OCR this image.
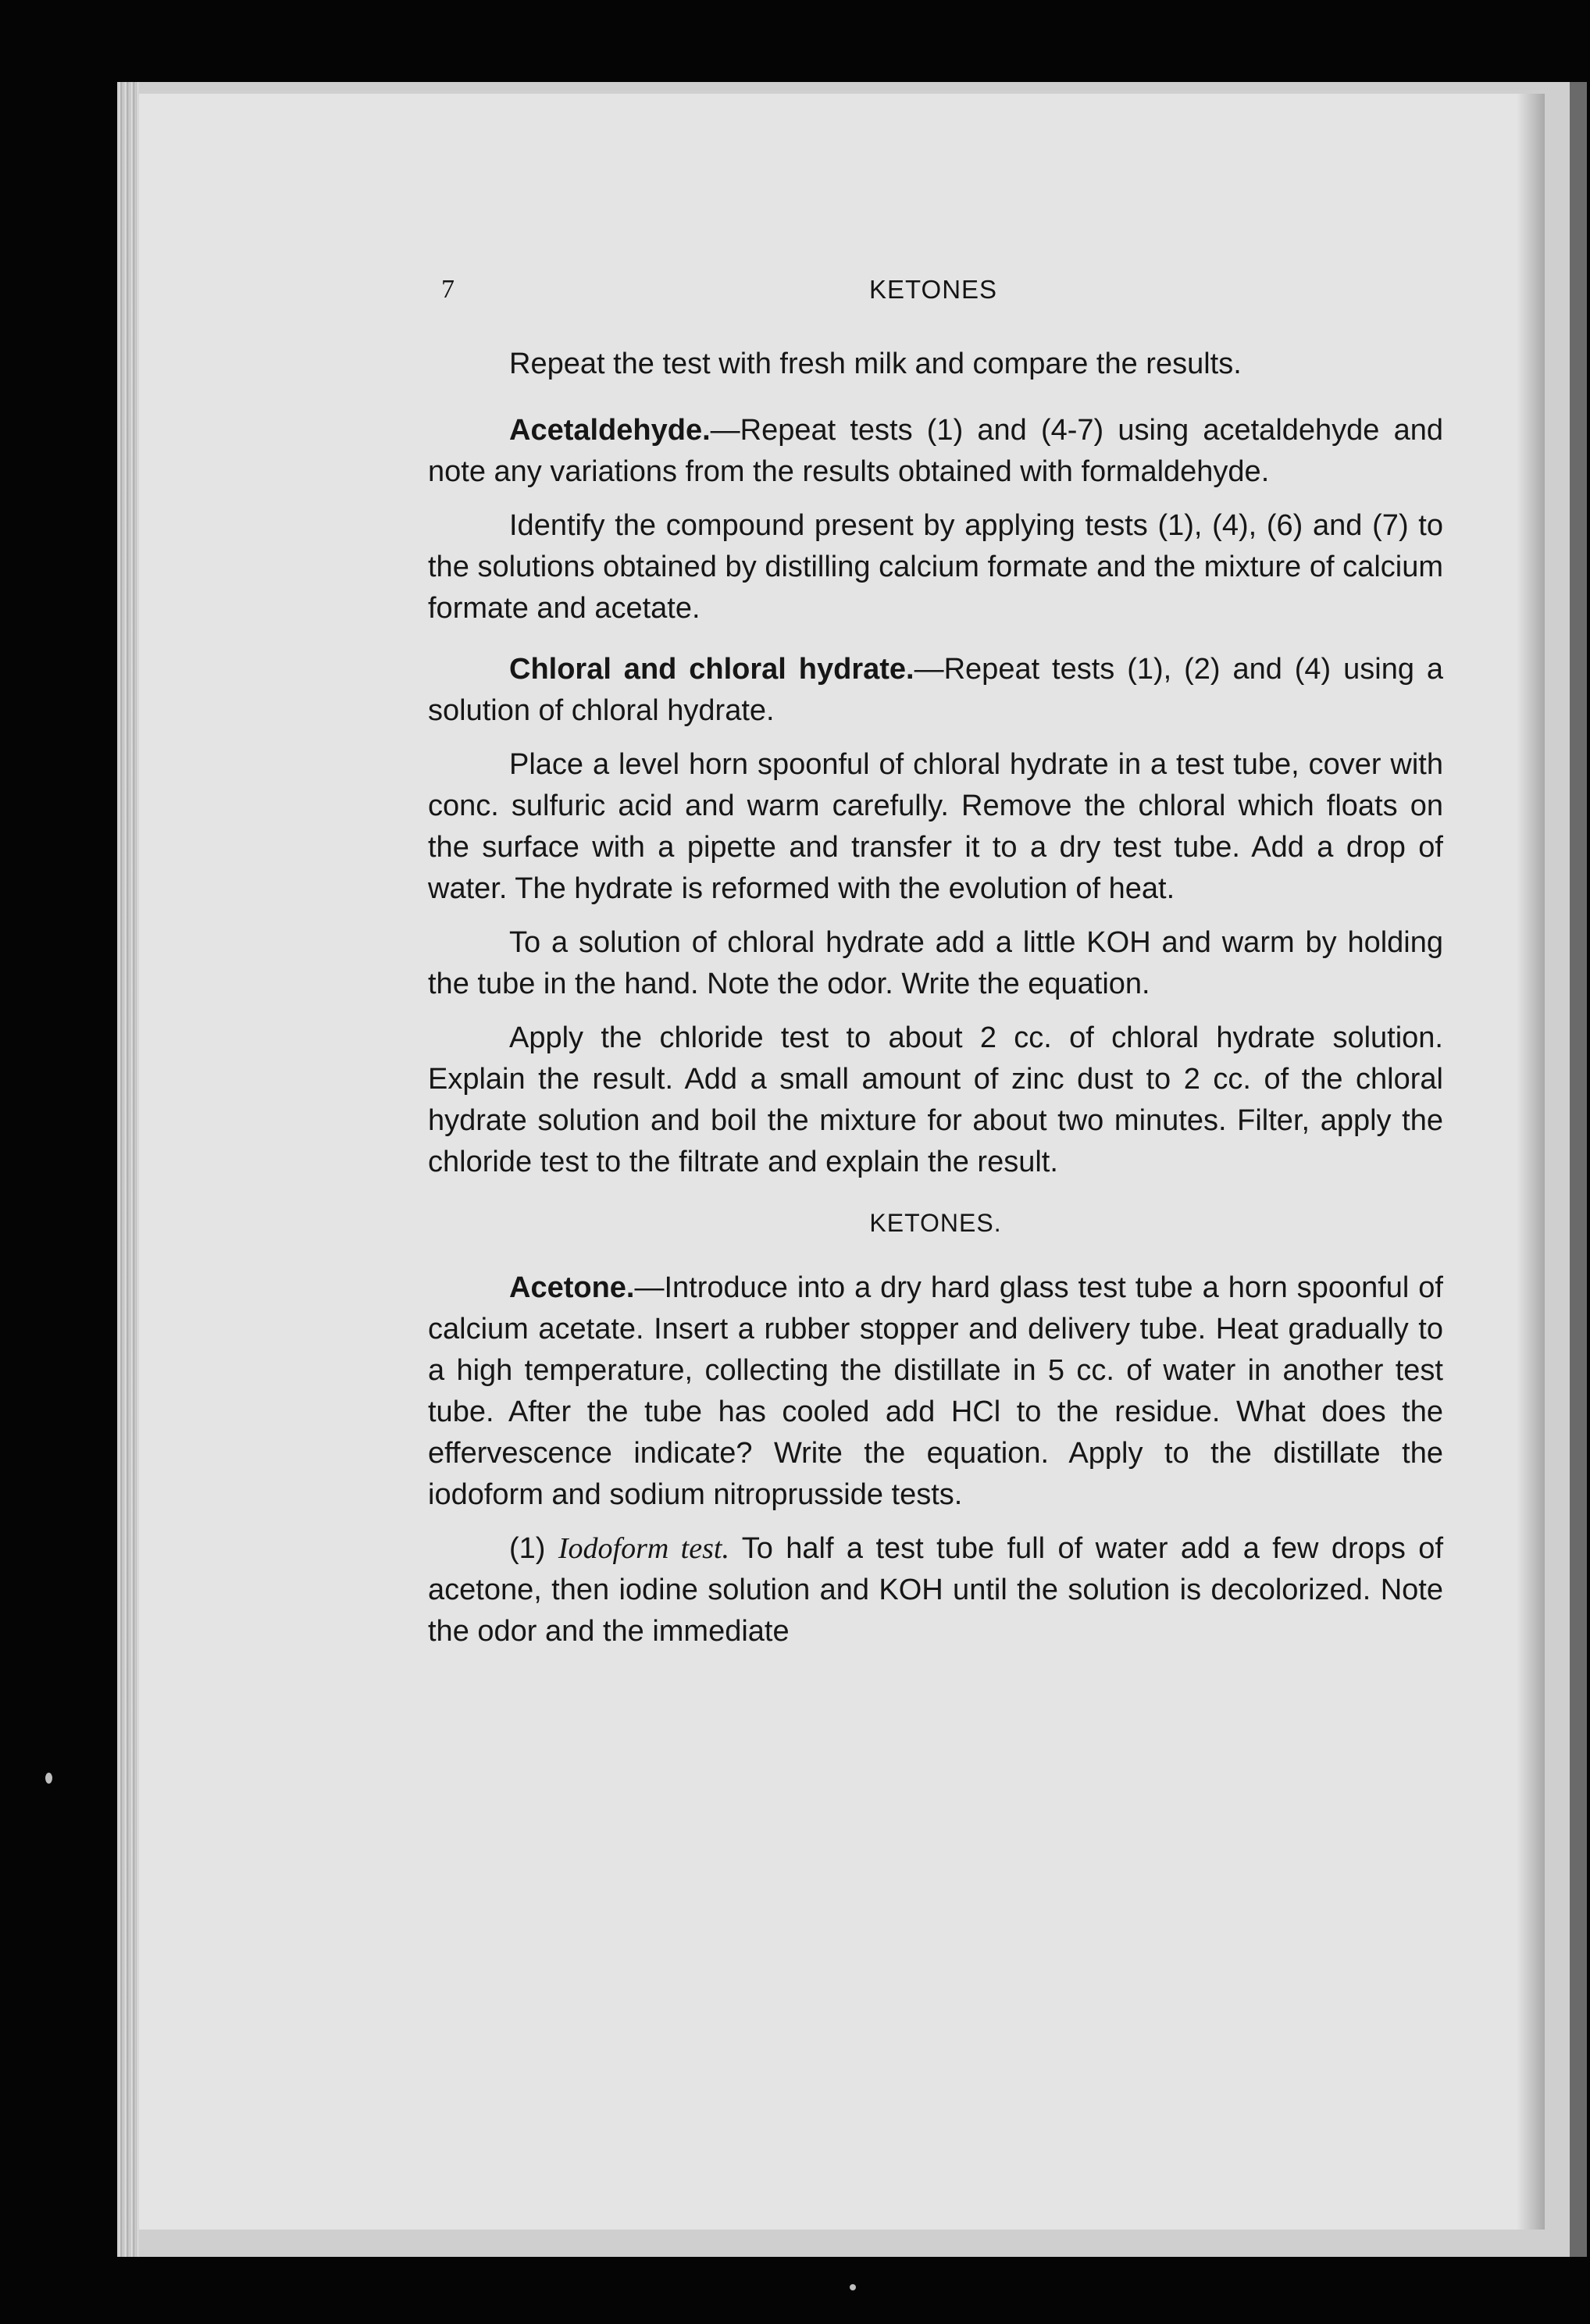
7	KETONES

Repeat the test with fresh milk and compare the results.

Acetaldehyde.—Repeat tests (1) and (4-7) using acetaldehyde and note any variations from the results obtained with formaldehyde.

Identify the compound present by applying tests (1), (4), (6) and (7) to the solutions obtained by distilling calcium formate and the mixture of calcium formate and acetate.

Chloral and chloral hydrate.—Repeat tests (1), (2) and (4) using a solution of chloral hydrate.

Place a level horn spoonful of chloral hydrate in a test tube, cover with conc. sulfuric acid and warm carefully. Remove the chloral which floats on the surface with a pipette and transfer it to a dry test tube. Add a drop of water. The hydrate is reformed with the evolution of heat.

To a solution of chloral hydrate add a little KOH and warm by holding the tube in the hand. Note the odor. Write the equation.

Apply the chloride test to about 2 cc. of chloral hydrate solution. Explain the result. Add a small amount of zinc dust to 2 cc. of the chloral hydrate solution and boil the mixture for about two minutes. Filter, apply the chloride test to the filtrate and explain the result.

KETONES.

Acetone.—Introduce into a dry hard glass test tube a horn spoonful of calcium acetate. Insert a rubber stopper and delivery tube. Heat gradually to a high temperature, collecting the distillate in 5 cc. of water in another test tube. After the tube has cooled add HCl to the residue. What does the effervescence indicate? Write the equation. Apply to the distillate the iodoform and sodium nitroprusside tests.

(1) Iodoform test. To half a test tube full of water add a few drops of acetone, then iodine solution and KOH until the solution is decolorized. Note the odor and the immediate
